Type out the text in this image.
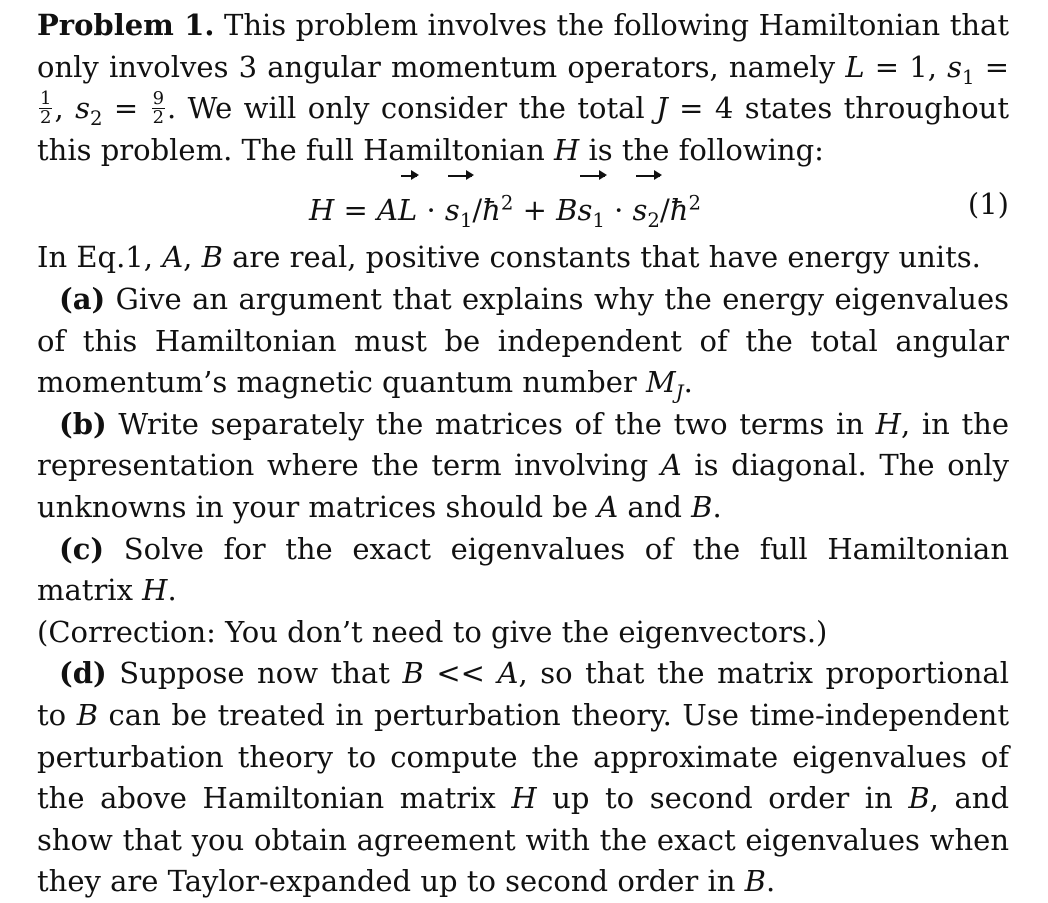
Problem 1. This problem involves the following Hamiltonian that only involves 3 angular momentum operators, namely L = 1, $s_1$ =
$\frac{1}{2}$ , $s_2 = \frac{9}{2}$ . We will only consider the total J = 4 states throughout this problem. The full Hamiltonian H is the following:

H = AL · $s_1/ħ^2 + Bs_1$ · $s_2/ħ^2$	(1)

In Eq.1, A, B are real, positive constants that have energy units.

(a) Give an argument that explains why the energy eigenvalues of this Hamiltonian must be independent of the total angular momentum’s magnetic quantum number $M_J$.

(b) Write separately the matrices of the two terms in H, in the representation where the term involving A is diagonal. The only unknowns in your matrices should be A and B.

(c) Solve for the exact eigenvalues of the full Hamiltonian matrix H.
(Correction: You don’t need to give the eigenvectors.)

(d) Suppose now that B << A, so that the matrix proportional to B can be treated in perturbation theory. Use time-independent perturbation theory to compute the approximate eigenvalues of the above Hamiltonian matrix H up to second order in B, and show that you obtain agreement with the exact eigenvalues when they are Taylor-expanded up to second order in B.
